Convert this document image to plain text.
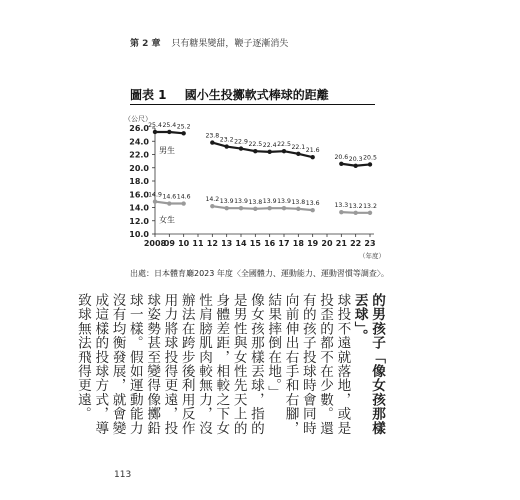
第 2 章 只有糖果變甜，鞭子逐漸消失
圖表 1 國小生投擲軟式棒球的距離
（公尺）
10.0
12.0
14.0
16.0
18.0
20.0
22.0
24.0
26.0
2008
09 10 11 12 13 14 15 16 17 18 19 20 21 22 23
（年度）
25.4 25.4 25.2
23.8
23.2 22.9 22.5 22.4 22.5 22.1 21.6
20.6 20.3 20.5
14.9 14.6 14.6 14.2 13.9 13.9 13.8 13.9 13.9 13.8 13.6 13.3 13.2 13.2
男生
女生
出處：日本體育廳2023 年度〈全國體力、運動能力、運動習慣等調查〉。

的男孩子「像女孩那樣丟球」。

球投不遠就落地，或是投歪的都不在少數。還有的孩子投球時會同時向前伸出右手和右腳，結果摔倒在地。」

像女孩那樣丟球，指的是男性與女性先天上的身體差距，相較之下女性肩膀肌肉較無力，沒辦法在跨步後利用反作用力將球投得更遠，投球姿勢甚至變得像擲鉛球一樣。假如運動能力沒有均衡發展，就會變成這樣的投球方式，導致球無法飛得更遠。

113
